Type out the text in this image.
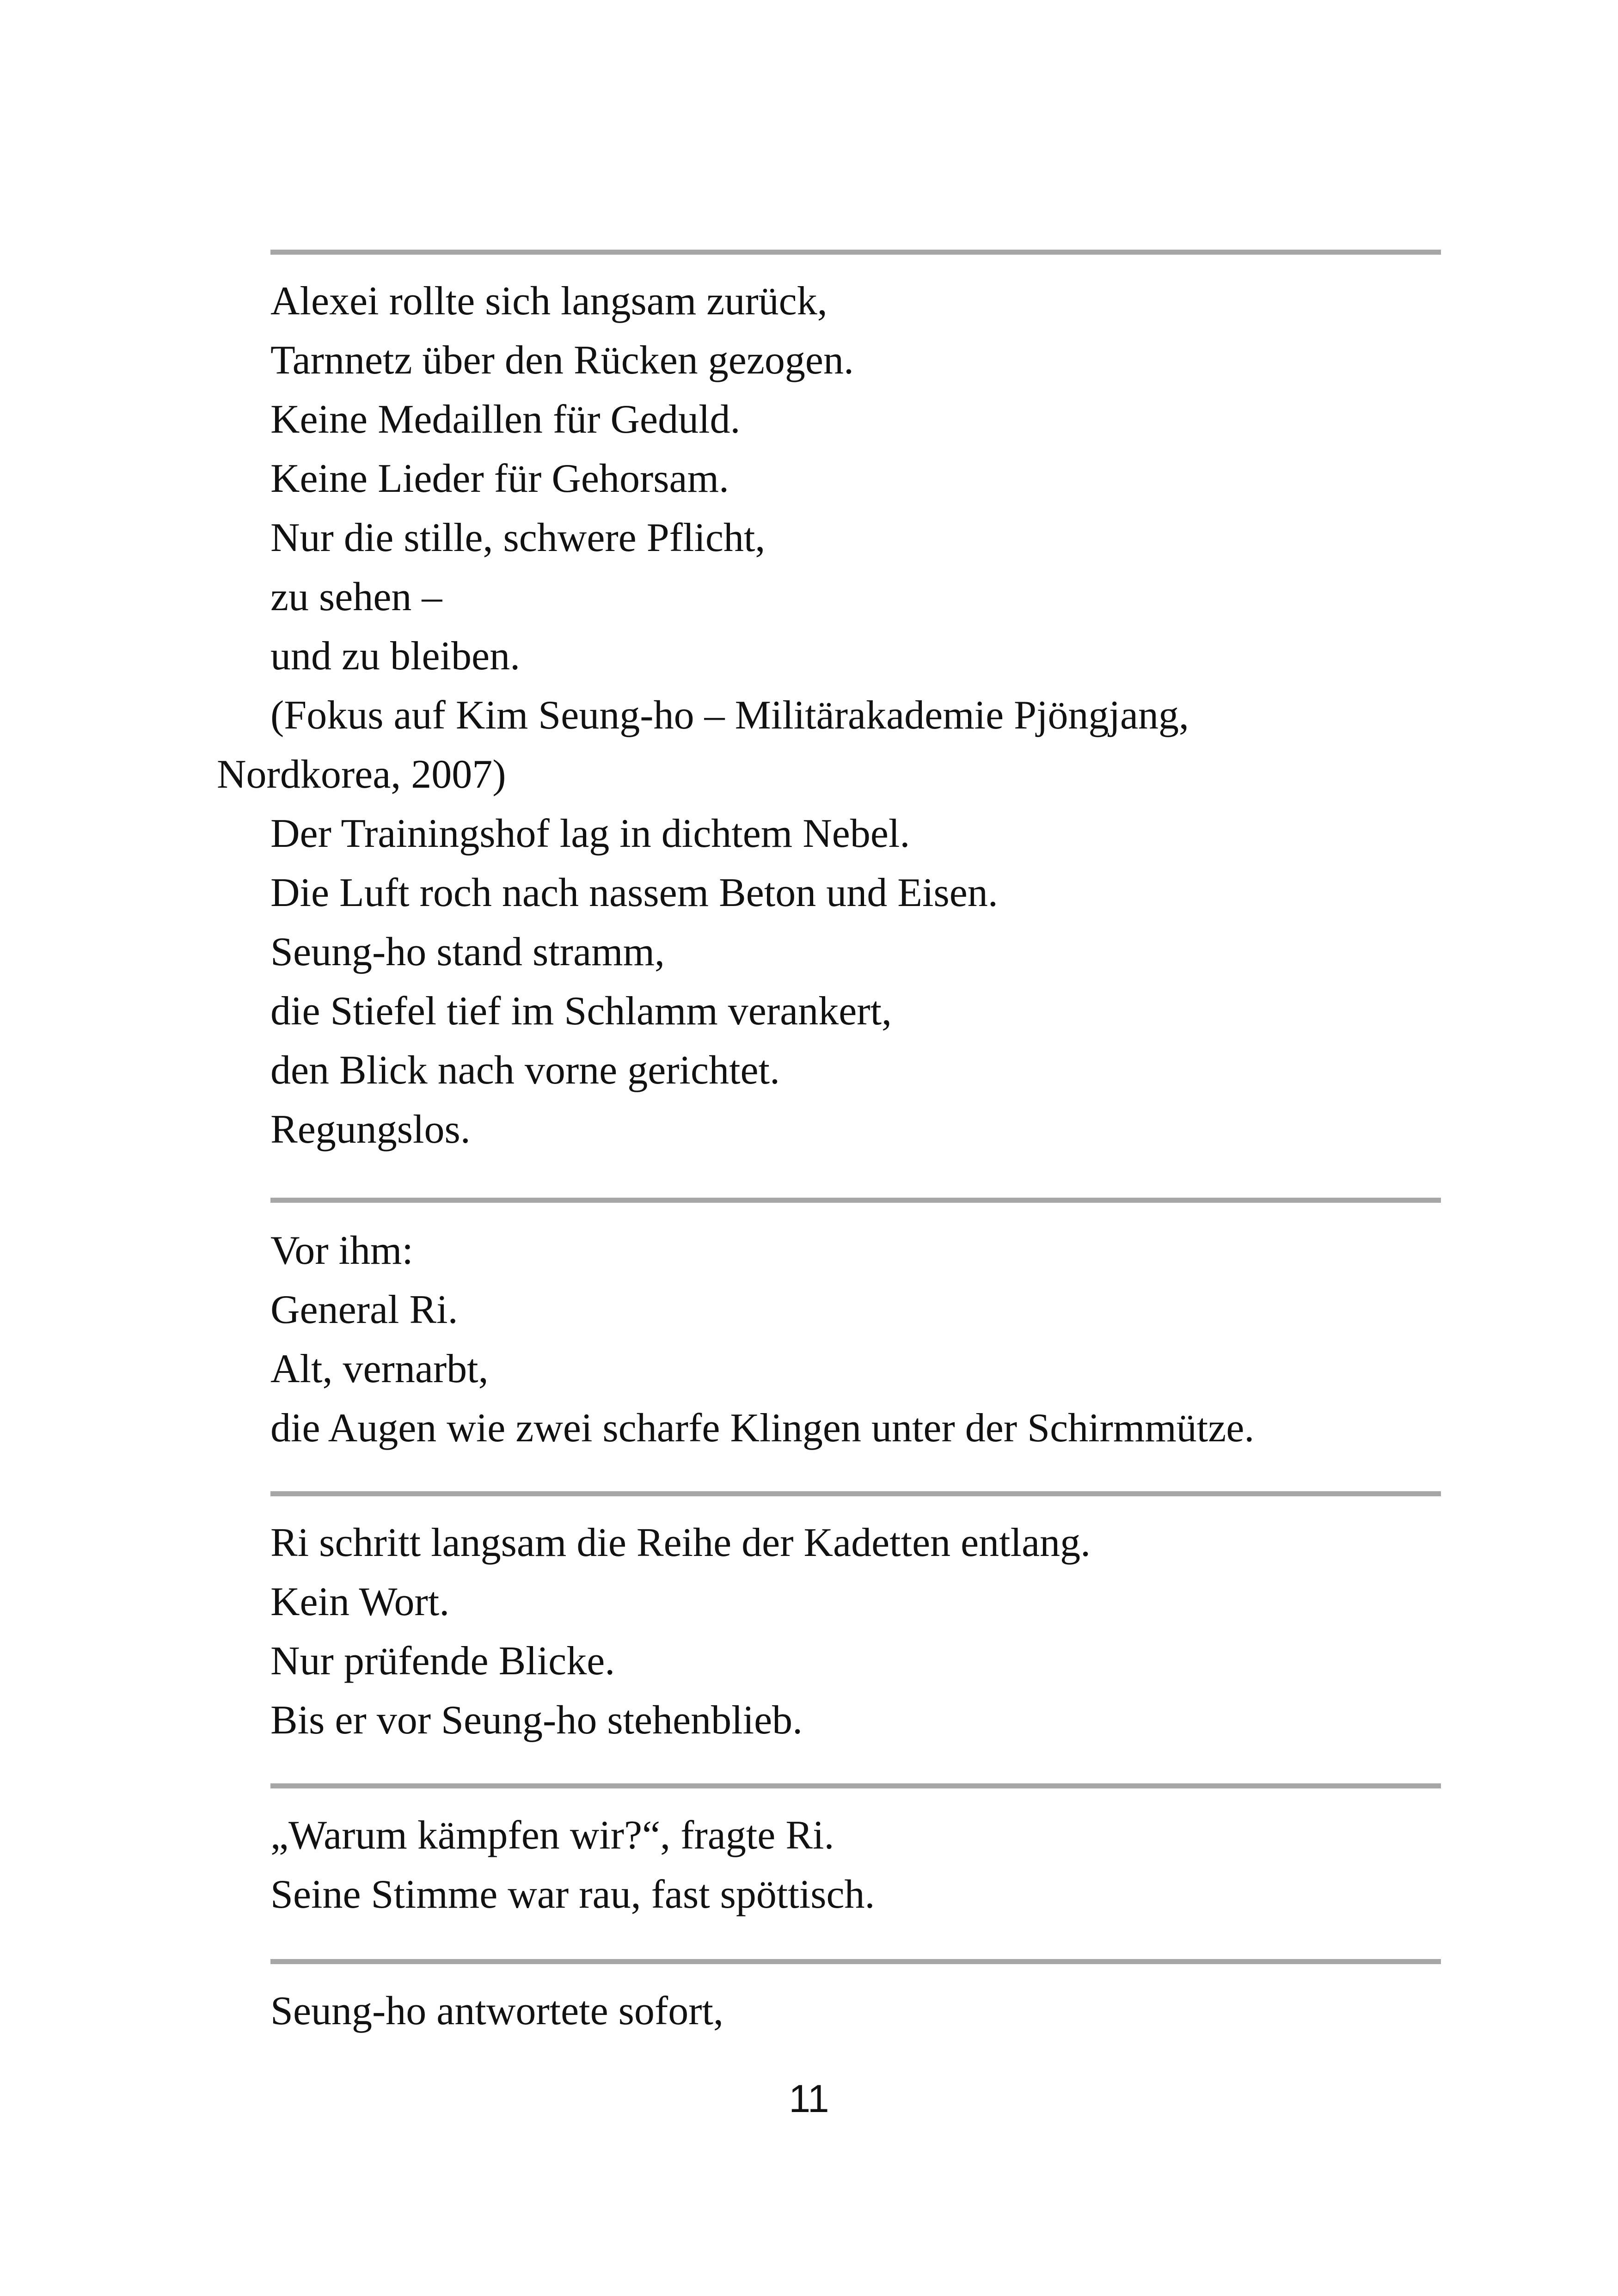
Alexei rollte sich langsam zurück,
Tarnnetz über den Rücken gezogen.
Keine Medaillen für Geduld.
Keine Lieder für Gehorsam.
Nur die stille, schwere Pflicht,
zu sehen –
und zu bleiben.
(Fokus auf Kim Seung-ho – Militärakademie Pjöngjang,
Nordkorea, 2007)
Der Trainingshof lag in dichtem Nebel.
Die Luft roch nach nassem Beton und Eisen.
Seung-ho stand stramm,
die Stiefel tief im Schlamm verankert,
den Blick nach vorne gerichtet.
Regungslos.
Vor ihm:
General Ri.
Alt, vernarbt,
die Augen wie zwei scharfe Klingen unter der Schirmmütze.
Ri schritt langsam die Reihe der Kadetten entlang.
Kein Wort.
Nur prüfende Blicke.
Bis er vor Seung-ho stehenblieb.
„Warum kämpfen wir?“, fragte Ri.
Seine Stimme war rau, fast spöttisch.
Seung-ho antwortete sofort,
11
